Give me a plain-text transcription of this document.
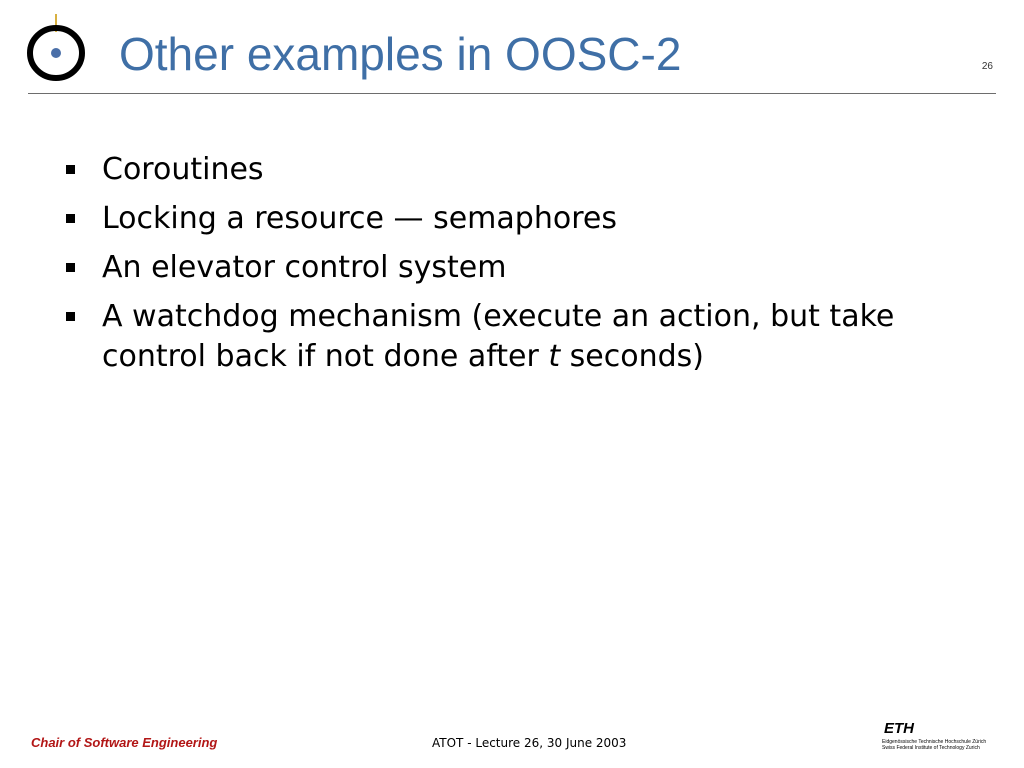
Other examples in OOSC-2	26
Coroutines
Locking a resource — semaphores
An elevator control system
A watchdog mechanism (execute an action, but take control back if not done after t seconds)
Chair of Software Engineering	ATOT - Lecture 26, 30 June 2003
ETH
Eidgenössische Technische Hochschule Zürich
Swiss Federal Institute of Technology Zurich
